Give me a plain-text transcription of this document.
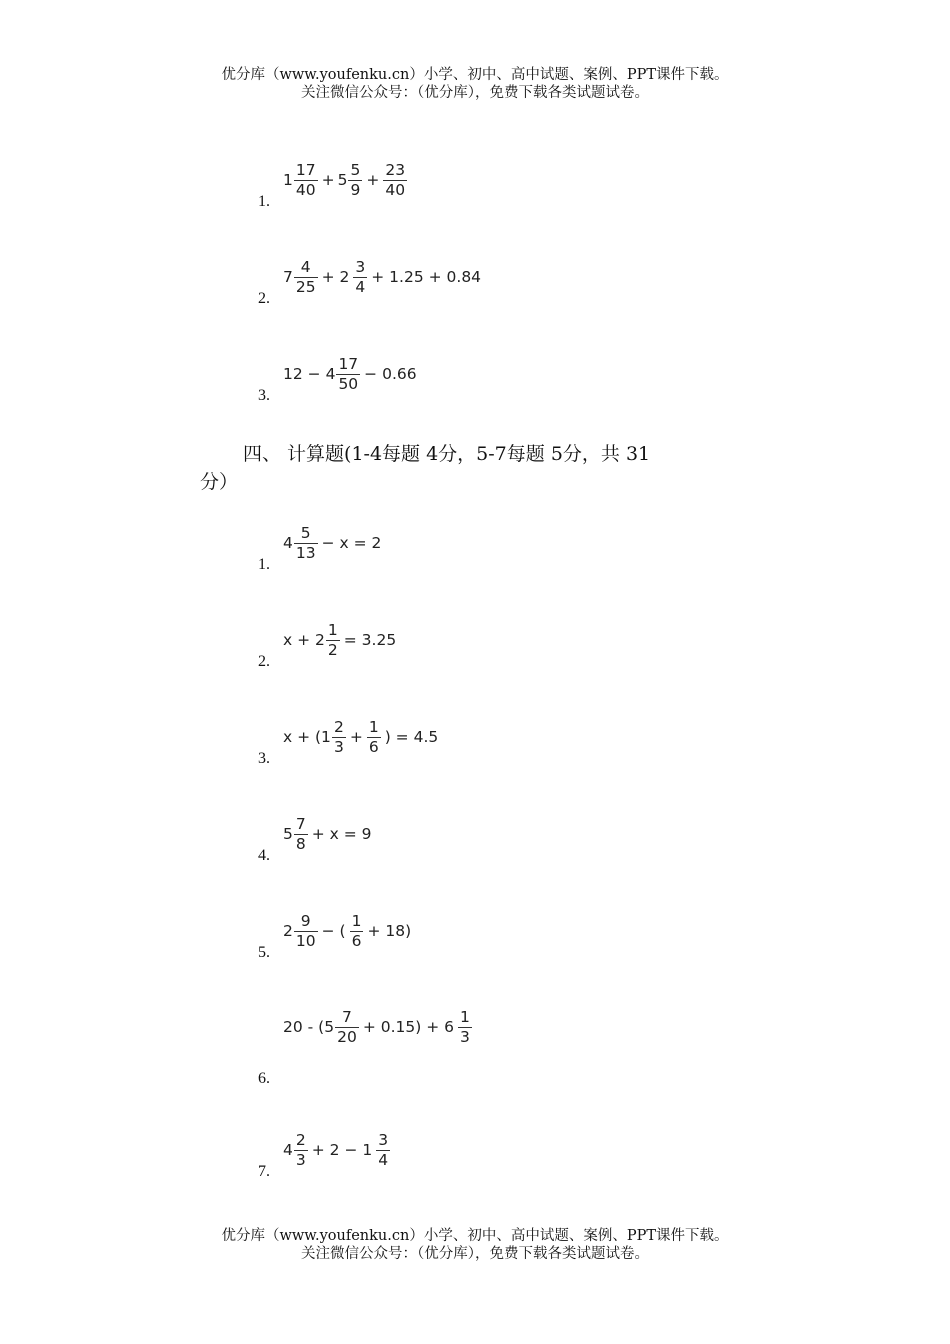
优分库（www.youfenku.cn）小学、初中、高中试题、案例、PPT课件下载。
关注微信公众号：（优分库），免费下载各类试题试卷。
1.
1
17
40
+ 5
5
9
+
23
40
2.
7
4
25
+ 2
3
4
+ 1.25 + 0.84
3.
12 − 4
17
50
− 0.66
四、 计算题(1-4每题 4分，5-7每题 5分，共 31
分）
1.
4
5
13
− x = 2
2.
x + 2
1
2
= 3.25
3.
x + (1
2
3
+
1
6
) = 4.5
4.
5
7
8
+ x = 9
5.
2
9
10
− (
1
6
+ 18)
6.
20 - (5
7
20
+ 0.15) + 6
1
3
7.
4
2
3
+ 2 − 1
3
4
优分库（www.youfenku.cn）小学、初中、高中试题、案例、PPT课件下载。
关注微信公众号：（优分库），免费下载各类试题试卷。
